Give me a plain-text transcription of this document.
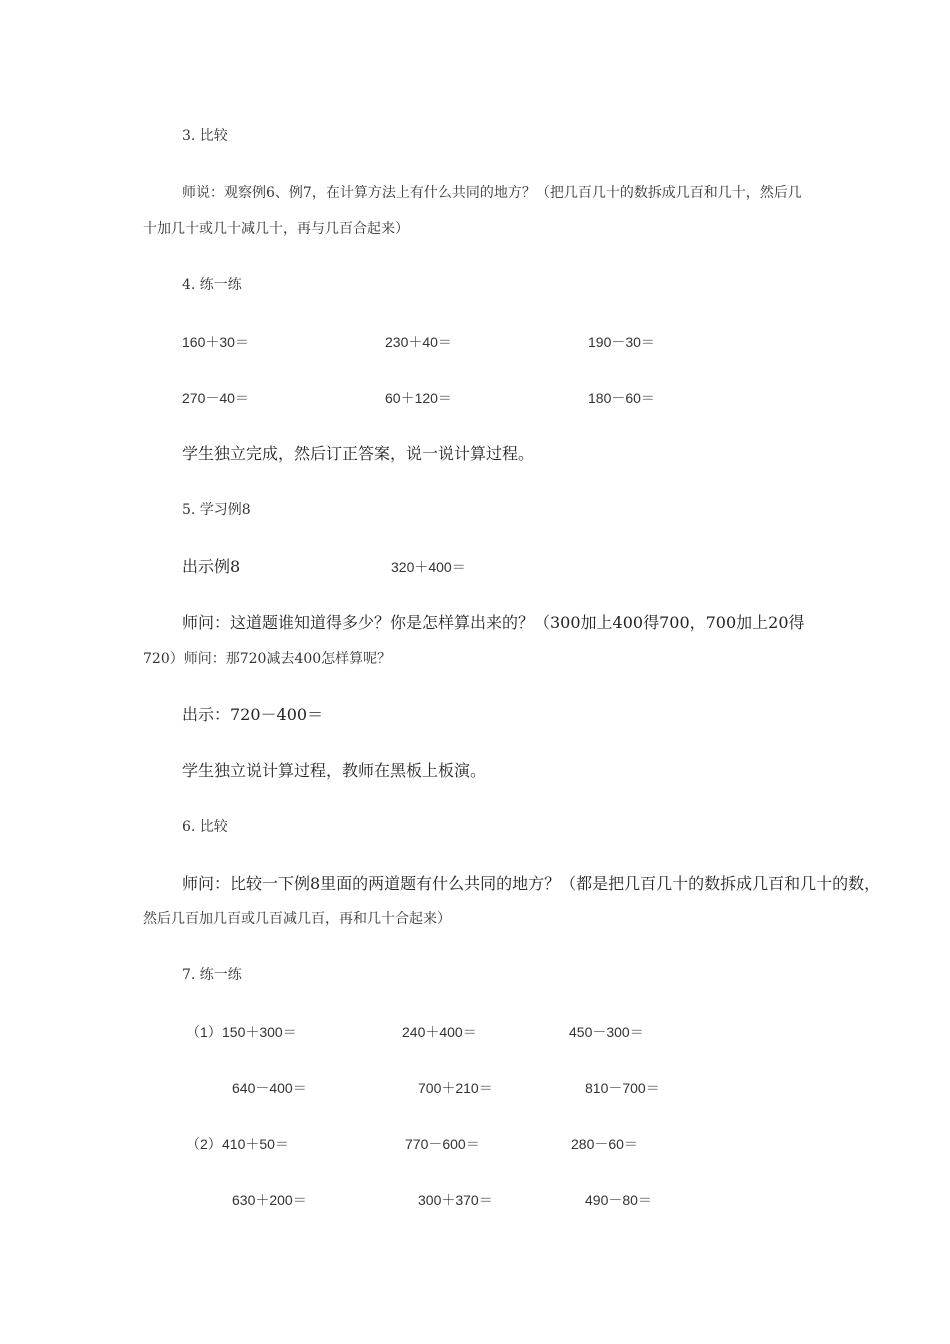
3. 比较
师说：观察例6、例7，在计算方法上有什么共同的地方？（把几百几十的数拆成几百和几十，然后几
十加几十或几十减几十，再与几百合起来）
4. 练一练
160＋30＝	230＋40＝	190－30＝
270－40＝	60＋120＝	180－60＝
学生独立完成，然后订正答案，说一说计算过程。
5. 学习例8
出示例8	320＋400＝
师问：这道题谁知道得多少？你是怎样算出来的？（300加上400得700，700加上20得
720）师问：那720减去400怎样算呢？
出示：720－400＝
学生独立说计算过程，教师在黑板上板演。
6. 比较
师问：比较一下例8里面的两道题有什么共同的地方？（都是把几百几十的数拆成几百和几十的数，
然后几百加几百或几百减几百，再和几十合起来）
7. 练一练
（1） 150＋300＝	240＋400＝	450－300＝
640－400＝	700＋210＝	810－700＝
（2） 410＋50＝	770－600＝	280－60＝
630＋200＝	300＋370＝	490－80＝
